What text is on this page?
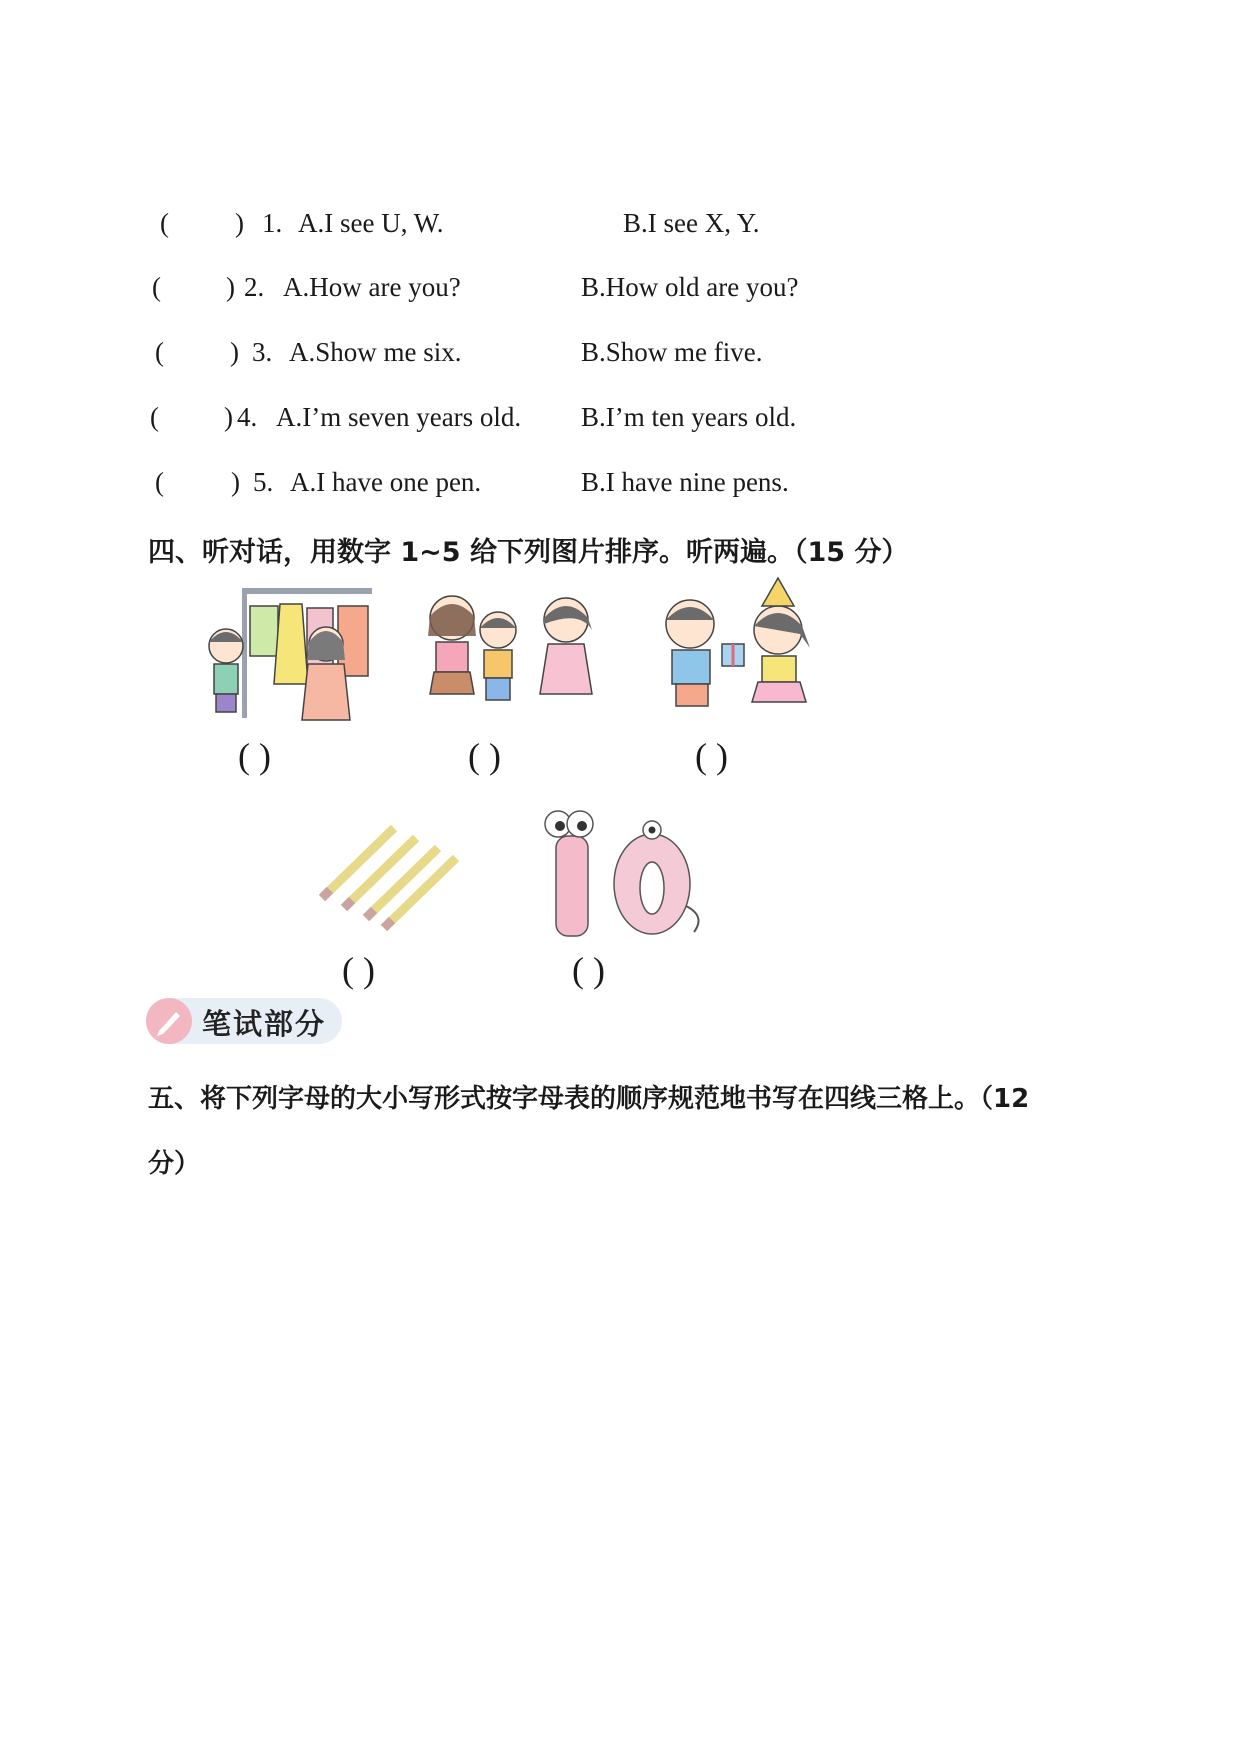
( ) 1. A.I see U, W.	B.I see X, Y.
( ) 2. A.How are you?	B.How old are you?
( ) 3. A.Show me six.	B.Show me five.
( ) 4. A.I’m seven years old. B.I’m ten years old.
( ) 5. A.I have one pen.	B.I have nine pens.
四、听对话，用数字 1~5 给下列图片排序。听两遍。（15 分）
( )	( )	( )
( )	( )
笔试部分
五、将下列字母的大小写形式按字母表的顺序规范地书写在四线三格上。（12
分）
